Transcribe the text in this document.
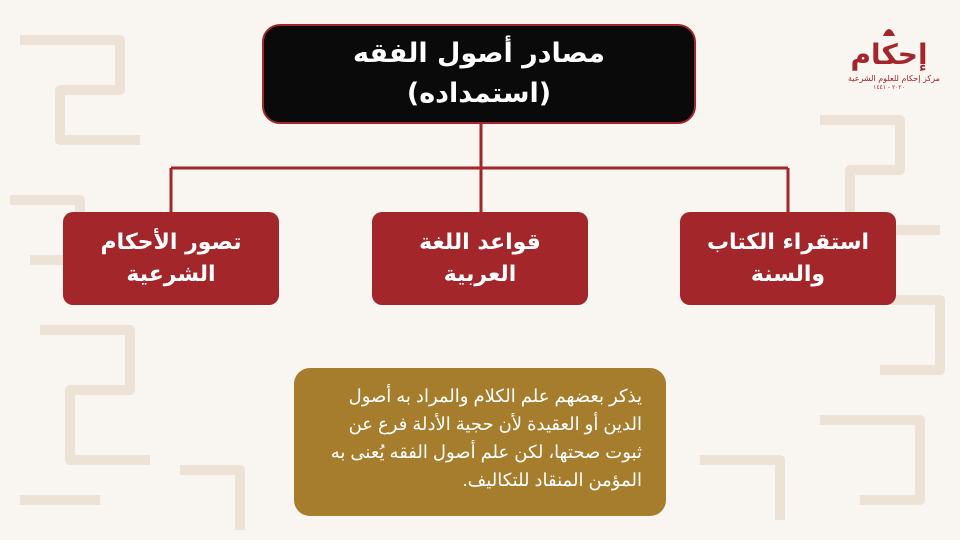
مصادر أصول الفقه
(استمداده)
تصور الأحكام
الشرعية
قواعد اللغة
العربية
استقراء الكتاب
والسنة
يذكر بعضهم علم الكلام والمراد به أصول الدين أو العقيدة لأن حجية الأدلة فرع عن ثبوت صحتها، لكن علم أصول الفقه يُعنى به المؤمن المنقاد للتكاليف.
إحكام
مركز إحكام للعلوم الشرعية
٢٠٢٠ - ١٤٤١
